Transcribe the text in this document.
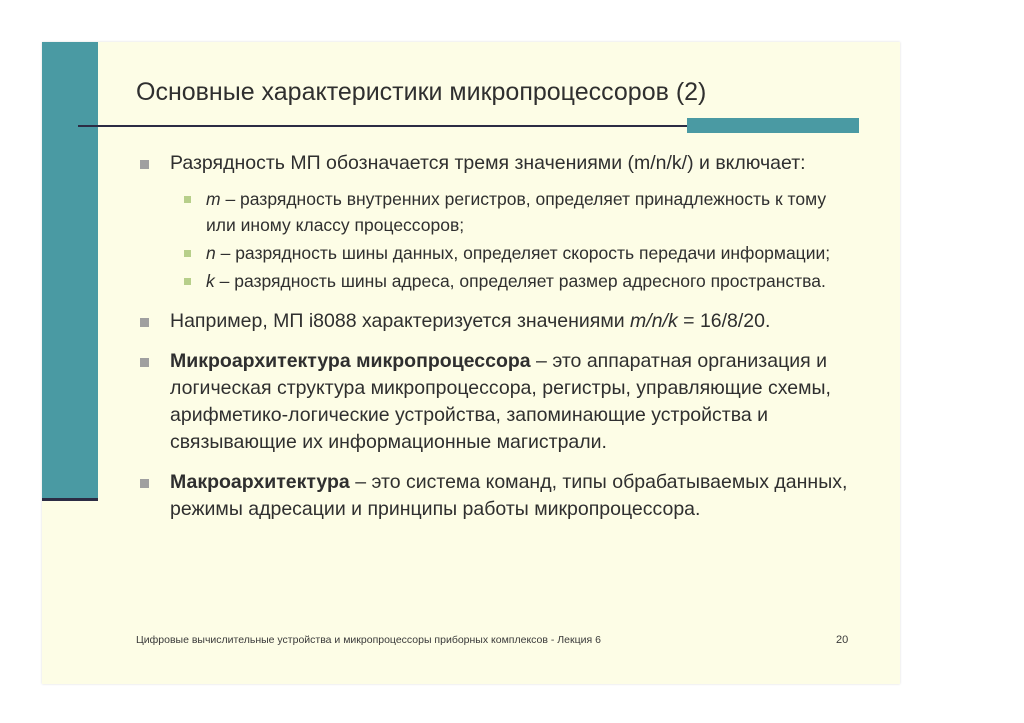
Основные характеристики микропроцессоров (2)
Разрядность МП обозначается тремя значениями (m/n/k/) и включает:
m – разрядность внутренних регистров, определяет принадлежность к тому или иному классу процессоров;
n – разрядность шины данных, определяет скорость передачи информации;
k – разрядность шины адреса, определяет размер адресного пространства.
Например, МП i8088 характеризуется значениями m/n/k = 16/8/20.
Микроархитектура микропроцессора – это аппаратная организация и логическая структура микропроцессора, регистры, управляющие схемы, арифметико-логические устройства, запоминающие устройства и связывающие их информационные магистрали.
Макроархитектура – это система команд, типы обрабатываемых данных, режимы адресации и принципы работы микропроцессора.
Цифровые вычислительные устройства и микропроцессоры приборных комплексов - Лекция 6	20
